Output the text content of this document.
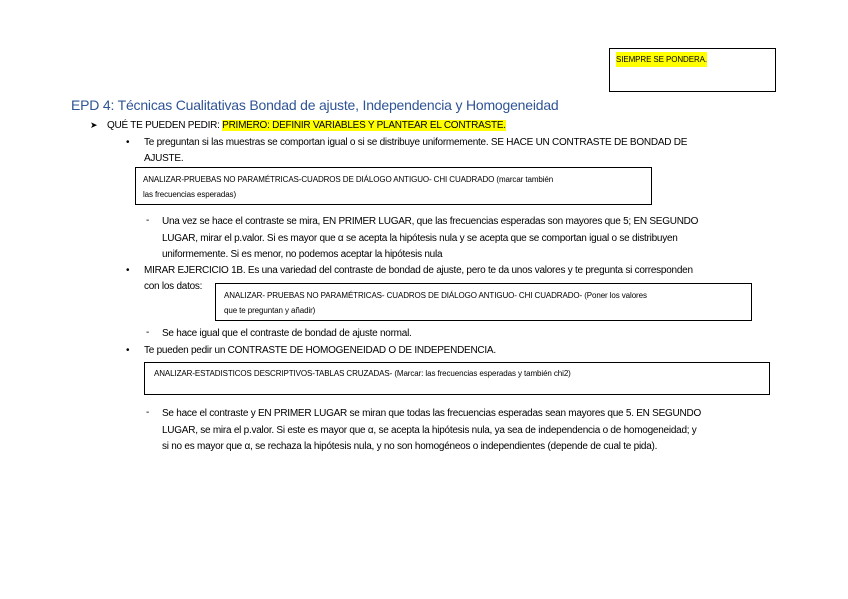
SIEMPRE SE PONDERA.
EPD 4: Técnicas Cualitativas Bondad de ajuste, Independencia y Homogeneidad
➤ QUÉ TE PUEDEN PEDIR: PRIMERO: DEFINIR VARIABLES Y PLANTEAR EL CONTRASTE.
• Te preguntan si las muestras se comportan igual o si se distribuye uniformemente. SE HACE UN CONTRASTE DE BONDAD DE
AJUSTE.
ANALIZAR-PRUEBAS NO PARAMÉTRICAS-CUADROS DE DIÁLOGO ANTIGUO- CHI CUADRADO (marcar también
las frecuencias esperadas)
- Una vez se hace el contraste se mira, EN PRIMER LUGAR, que las frecuencias esperadas son mayores que 5; EN SEGUNDO
LUGAR, mirar el p.valor. Si es mayor que α se acepta la hipótesis nula y se acepta que se comportan igual o se distribuyen
uniformemente. Si es menor, no podemos aceptar la hipótesis nula
• MIRAR EJERCICIO 1B. Es una variedad del contraste de bondad de ajuste, pero te da unos valores y te pregunta si corresponden
con los datos:
ANALIZAR- PRUEBAS NO PARAMÉTRICAS- CUADROS DE DIÁLOGO ANTIGUO- CHI CUADRADO- (Poner los valores
que te preguntan y añadir)
- Se hace igual que el contraste de bondad de ajuste normal.
• Te pueden pedir un CONTRASTE DE HOMOGENEIDAD O DE INDEPENDENCIA.
ANALIZAR-ESTADISTICOS DESCRIPTIVOS-TABLAS CRUZADAS- (Marcar: las frecuencias esperadas y también chi2)
- Se hace el contraste y EN PRIMER LUGAR se miran que todas las frecuencias esperadas sean mayores que 5. EN SEGUNDO
LUGAR, se mira el p.valor. Si este es mayor que α, se acepta la hipótesis nula, ya sea de independencia o de homogeneidad; y
si no es mayor que α, se rechaza la hipótesis nula, y no son homogéneos o independientes (depende de cual te pida).
